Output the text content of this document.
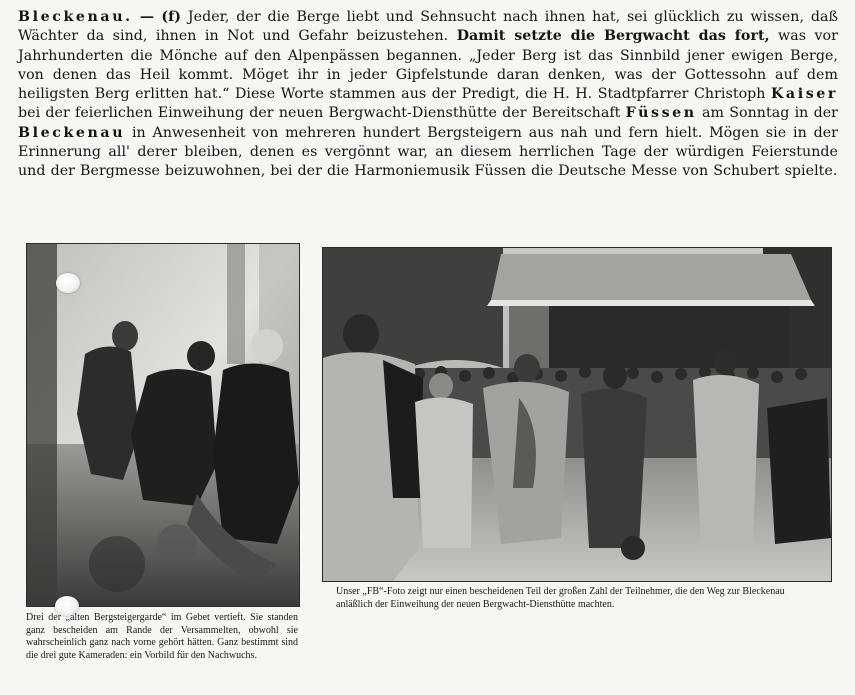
Bleckenau. — (f) Jeder, der die Berge liebt und Sehnsucht nach ihnen hat, sei glücklich zu wissen, daß Wächter da sind, ihnen in Not und Gefahr beizustehen. Damit setzte die Bergwacht das fort, was vor Jahrhunderten die Mönche auf den Alpenpässen begannen. „Jeder Berg ist das Sinnbild jener ewigen Berge, von denen das Heil kommt. Möget ihr in jeder Gipfelstunde daran denken, was der Gottessohn auf dem heiligsten Berg erlitten hat.“ Diese Worte stammen aus der Predigt, die H. H. Stadtpfarrer Christoph Kaiser bei der feierlichen Einweihung der neuen Bergwacht-Diensthütte der Bereitschaft Füssen am Sonntag in der Bleckenau in Anwesenheit von mehreren hundert Bergsteigern aus nah und fern hielt. Mögen sie in der Erinnerung all' derer bleiben, denen es vergönnt war, an diesem herrlichen Tage der würdigen Feierstunde und der Bergmesse beizuwohnen, bei der die Harmoniemusik Füssen die Deutsche Messe von Schubert spielte.

Drei der „alten Bergsteigergarde“ im Gebet vertieft. Sie standen ganz bescheiden am Rande der Versammelten, obwohl sie wahrscheinlich ganz nach vorne gehört hätten. Ganz bestimmt sind die drei gute Kameraden: ein Vorbild für den Nachwuchs.
Unser „FB“-Foto zeigt nur einen bescheidenen Teil der großen Zahl der Teilnehmer, die den Weg zur Bleckenau anläßlich der Einweihung der neuen Bergwacht-Diensthütte machten.
